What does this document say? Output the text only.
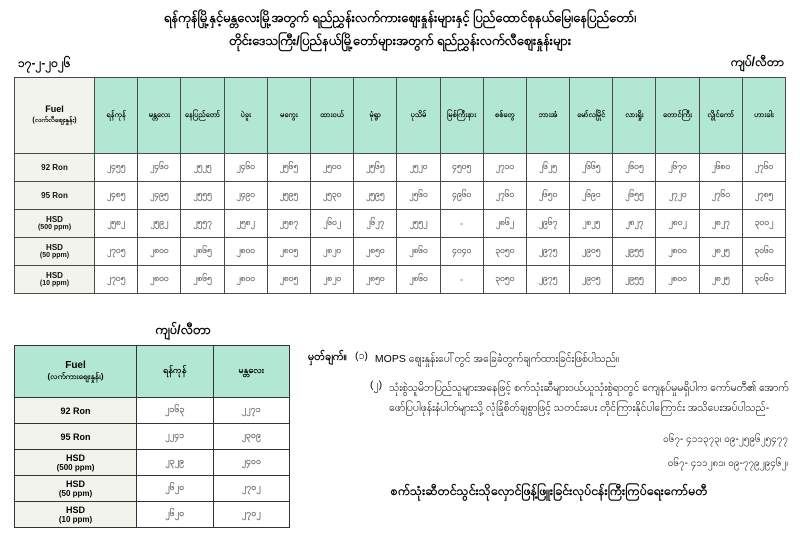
ရန်ကုန်မြို့နှင့်မန္တလေးမြို့အတွက် ရည်ညွှန်းလက်ကားဈေးနှုန်းများနှင့် ပြည်ထောင်စုနယ်မြေ၊နေပြည်တော်၊
တိုင်းဒေသကြီး/ပြည်နယ်မြို့တော်များအတွက် ရည်ညွှန်းလက်လီဈေးနှုန်းများ
၁၇-၂-၂၀၂၆	ကျပ်/လီတာ
Fuel
(လက်လီဈေးနှုန်း)	ရန်ကုန်	မန္တလေး	နေပြည်တော်	ပဲခူး	မကွေး	ထားဝယ်	မုံရွာ	ပုသိမ်	မြစ်ကြီးနား	စစ်တွေ	ဘားအံ	မော်လမြိုင်	လားရှိုး	တောင်ကြီး	လွိုင်ကော်	ဟားခါး

92 Ron	၂၄၅၅	၂၄၆၀	၂၅၂၅	၂၄၆၀	၂၅၆၅	၂၅၀၀	၂၅၆၅	၂၅၂၀	၄၅၀၅	၂၇၁၀	၂၆၂၅	၂၆၆၅	၂၆၀၅	၂၆၇၀	၂၆၈၀	၂၇၆၀

95 Ron	၂၄၈၅	၂၄၉၅	၂၅၅၅	၂၄၉၀	၂၅၉၅	၂၅၃၀	၂၅၉၅	၂၅၆၀	၄၉၆၀	၂၇၆၀	၂၆၅၀	၂၆၉၀	၂၆၅၅	၂၇၂၀	၂၇၆၀	၂၇၈၅

HSD
(500 ppm)	၂၅၈၂	၂၅၉၂	၂၅၅၇	၂၅၈၂	၂၅၈၇	၂၆၀၂	၂၆၂၇	၂၅၅၂	-	၂၈၆၂	၂၉၆၇	၂၈၂၅	၂၈၂၇	၂၈၀၂	၂၈၂၇	၃၀၀၂

HSD
(50 ppm)	၂၇၀၅	၂၈၀၀	၂၈၆၅	၂၈၀၀	၂၈၀၅	၂၈၂၀	၂၈၅၀	၂၈၆၀	၄၀၄၀	၃၀၅၀	၂၉၇၅	၂၉၀၅	၂၉၅၅	၂၈၀၀	၂၈၂၅	၃၀၆၀

HSD
(10 ppm)	၂၇၀၅	၂၈၀၀	၂၈၆၅	၂၈၀၀	၂၈၀၅	၂၈၂၀	၂၈၅၀	၂၈၆၀	-	၃၀၅၀	၂၉၇၅	၂၉၀၅	၂၉၅၅	၂၈၀၀	၂၈၂၅	၃၀၆၀
ကျပ်/လီတာ
Fuel
(လက်ကားဈေးနှုန်း)	ရန်ကုန်	မန္တလေး

92 Ron	၂၁၆၃	၂၂၇၁

95 Ron	၂၂၄၁	၂၃၀၉

HSD
(500 ppm)	၂၃၂၉	၂၄၀၀

HSD
(50 ppm)	၂၆၂၀	၂၇၀၂

HSD
(10 ppm)	၂၆၂၀	၂၇၀၂
မှတ်ချက်။ (၁) MOPS ဈေးနှုန်းပေါ်တွင် အခြေခံတွက်ချက်ထားခြင်းဖြစ်ပါသည်။
(၂) သုံးစွဲသူမိဘပြည်သူများအနေဖြင့် စက်သုံးဆီများဝယ်ယူသုံးစွဲရာတွင် ကျေနပ်မှုမရှိပါက ကော်မတီ၏ အောက်ဖော်ပြပါဖုန်းနံပါတ်များသို့ လုံခြုံစိတ်ချစွာဖြင့် သတင်းပေး တိုင်ကြားနိုင်ပါကြောင်း အသိပေးအပ်ပါသည်-
၀၆၇- ၄၁၁၃၇၃၊ ၀၉-၂၅၉၆၂၅၄၇၇
၀၆၇- ၄၁၁၂၈၁၊ ၀၉-၇၇၉၂၉၄၆၂၊
စက်သုံးဆီတင်သွင်းသိုလှောင်ဖြန့်ဖြူးခြင်းလုပ်ငန်းကြီးကြပ်ရေးကော်မတီ
